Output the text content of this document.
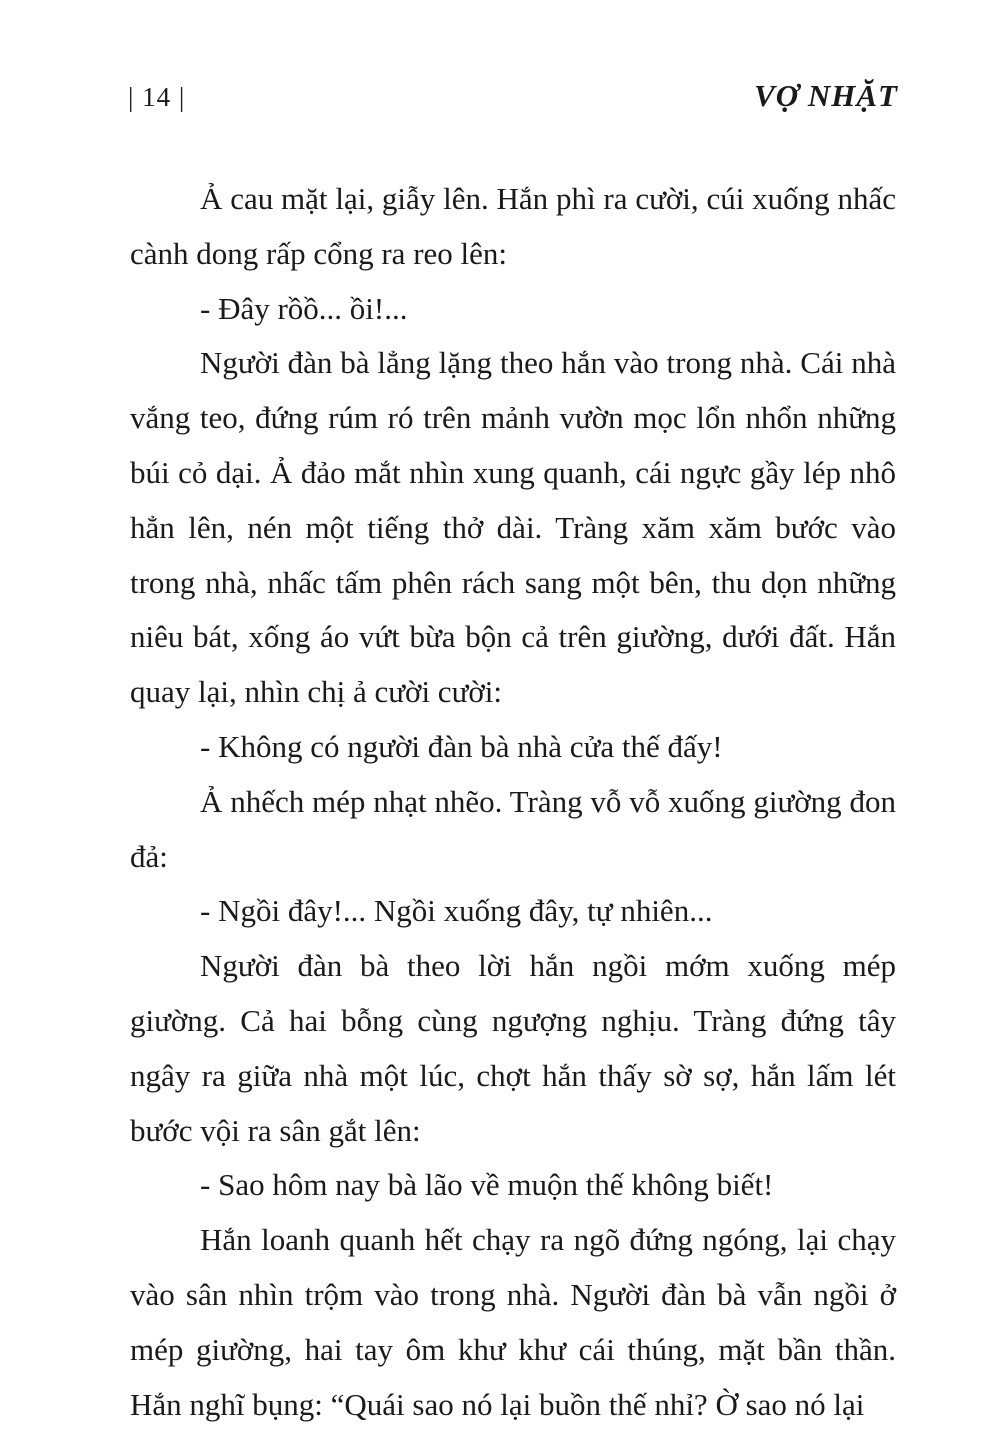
| 14 |	VỢ NHẶT

Ả cau mặt lại, giẫy lên. Hắn phì ra cười, cúi xuống nhấc cành dong rấp cổng ra reo lên:

- Đây rồồ... ồi!...

Người đàn bà lẳng lặng theo hắn vào trong nhà. Cái nhà vắng teo, đứng rúm ró trên mảnh vườn mọc lổn nhổn những búi cỏ dại. Ả đảo mắt nhìn xung quanh, cái ngực gầy lép nhô hẳn lên, nén một tiếng thở dài. Tràng xăm xăm bước vào trong nhà, nhấc tấm phên rách sang một bên, thu dọn những niêu bát, xống áo vứt bừa bộn cả trên giường, dưới đất. Hắn quay lại, nhìn chị ả cười cười:

- Không có người đàn bà nhà cửa thế đấy!

Ả nhếch mép nhạt nhẽo. Tràng vỗ vỗ xuống giường đon đả:

- Ngồi đây!... Ngồi xuống đây, tự nhiên...

Người đàn bà theo lời hắn ngồi mớm xuống mép giường. Cả hai bỗng cùng ngượng nghịu. Tràng đứng tây ngây ra giữa nhà một lúc, chợt hắn thấy sờ sợ, hắn lấm lét bước vội ra sân gắt lên:

- Sao hôm nay bà lão về muộn thế không biết!

Hắn loanh quanh hết chạy ra ngõ đứng ngóng, lại chạy vào sân nhìn trộm vào trong nhà. Người đàn bà vẫn ngồi ở mép giường, hai tay ôm khư khư cái thúng, mặt bần thần. Hắn nghĩ bụng: “Quái sao nó lại buồn thế nhỉ? Ờ sao nó lại
